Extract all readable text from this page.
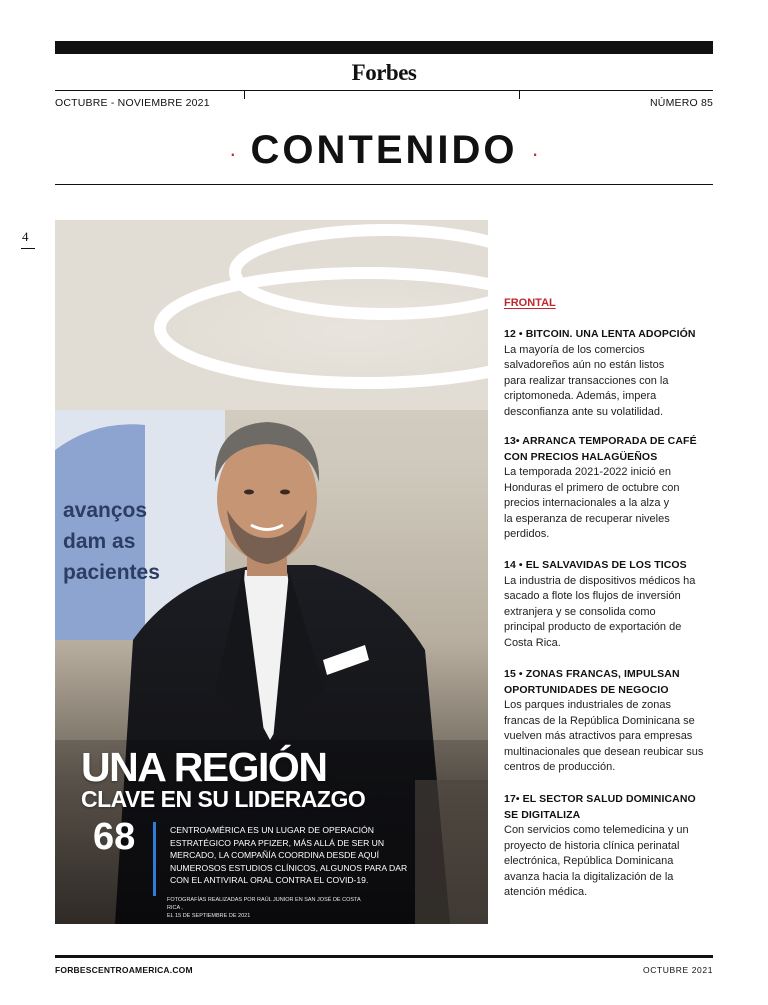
Forbes
OCTUBRE - NOVIEMBRE 2021	NÚMERO 85
· CONTENIDO ·
4
avanços
dam as
pacientes
UNA REGIÓN
CLAVE EN SU LIDERAZGO
68	CENTROAMÉRICA ES UN LUGAR DE OPERACIÓN ESTRATÉGICO PARA PFIZER, MÁS ALLÁ DE SER UN MERCADO, LA COMPAÑÍA COORDINA DESDE AQUÍ NUMEROSOS ESTUDIOS CLÍNICOS, ALGUNOS PARA DAR CON EL ANTIVIRAL ORAL CONTRA EL COVID-19.
FOTOGRAFÍAS REALIZADAS POR RAÚL JUNIOR EN SAN JOSÉ DE COSTA RICA ,
EL 15 DE SEPTIEMBRE DE 2021
FRONTAL
12 • BITCOIN. UNA LENTA ADOPCIÓN
La mayoría de los comercios
salvadoreños aún no están listos
para realizar transacciones con la
criptomoneda. Además, impera
desconfianza ante su volatilidad.
13• ARRANCA TEMPORADA DE CAFÉ
CON PRECIOS HALAGÜEÑOS
La temporada 2021-2022 inició en
Honduras el primero de octubre con
precios internacionales a la alza y
la esperanza de recuperar niveles
perdidos.
14 • EL SALVAVIDAS DE LOS TICOS
La industria de dispositivos médicos ha
sacado a flote los flujos de inversión
extranjera y se consolida como
principal producto de exportación de
Costa Rica.
15 • ZONAS FRANCAS, IMPULSAN
OPORTUNIDADES DE NEGOCIO
Los parques industriales de zonas
francas de la República Dominicana se
vuelven más atractivos para empresas
multinacionales que desean reubicar sus
centros de producción.
17• EL SECTOR SALUD DOMINICANO
SE DIGITALIZA
Con servicios como telemedicina y un
proyecto de historia clínica perinatal
electrónica, República Dominicana
avanza hacia la digitalización de la
atención médica.
FORBESCENTROAMERICA.COM	OCTUBRE 2021
